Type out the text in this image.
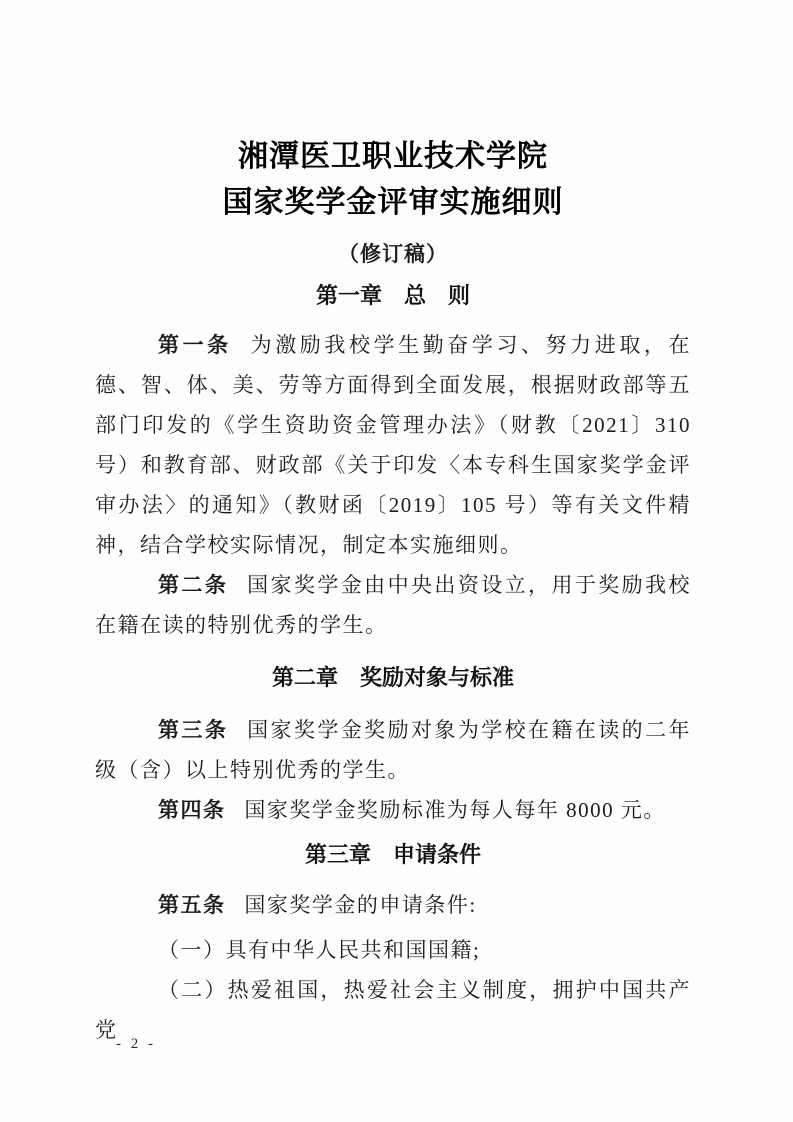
湘潭医卫职业技术学院
国家奖学金评审实施细则
（修订稿）
第一章　总　则

第一条 为激励我校学生勤奋学习、努力进取，在德、智、体、美、劳等方面得到全面发展，根据财政部等五部门印发的《学生资助资金管理办法》（财教〔2021〕310 号）和教育部、财政部《关于印发〈本专科生国家奖学金评审办法〉的通知》（教财函〔2019〕105 号）等有关文件精神，结合学校实际情况，制定本实施细则。

第二条 国家奖学金由中央出资设立，用于奖励我校在籍在读的特别优秀的学生。

第二章　奖励对象与标准

第三条 国家奖学金奖励对象为学校在籍在读的二年级（含）以上特别优秀的学生。

第四条 国家奖学金奖励标准为每人每年 8000 元。

第三章　申请条件

第五条 国家奖学金的申请条件:

（一）具有中华人民共和国国籍;

（二）热爱祖国，热爱社会主义制度，拥护中国共产党

- 2 -
